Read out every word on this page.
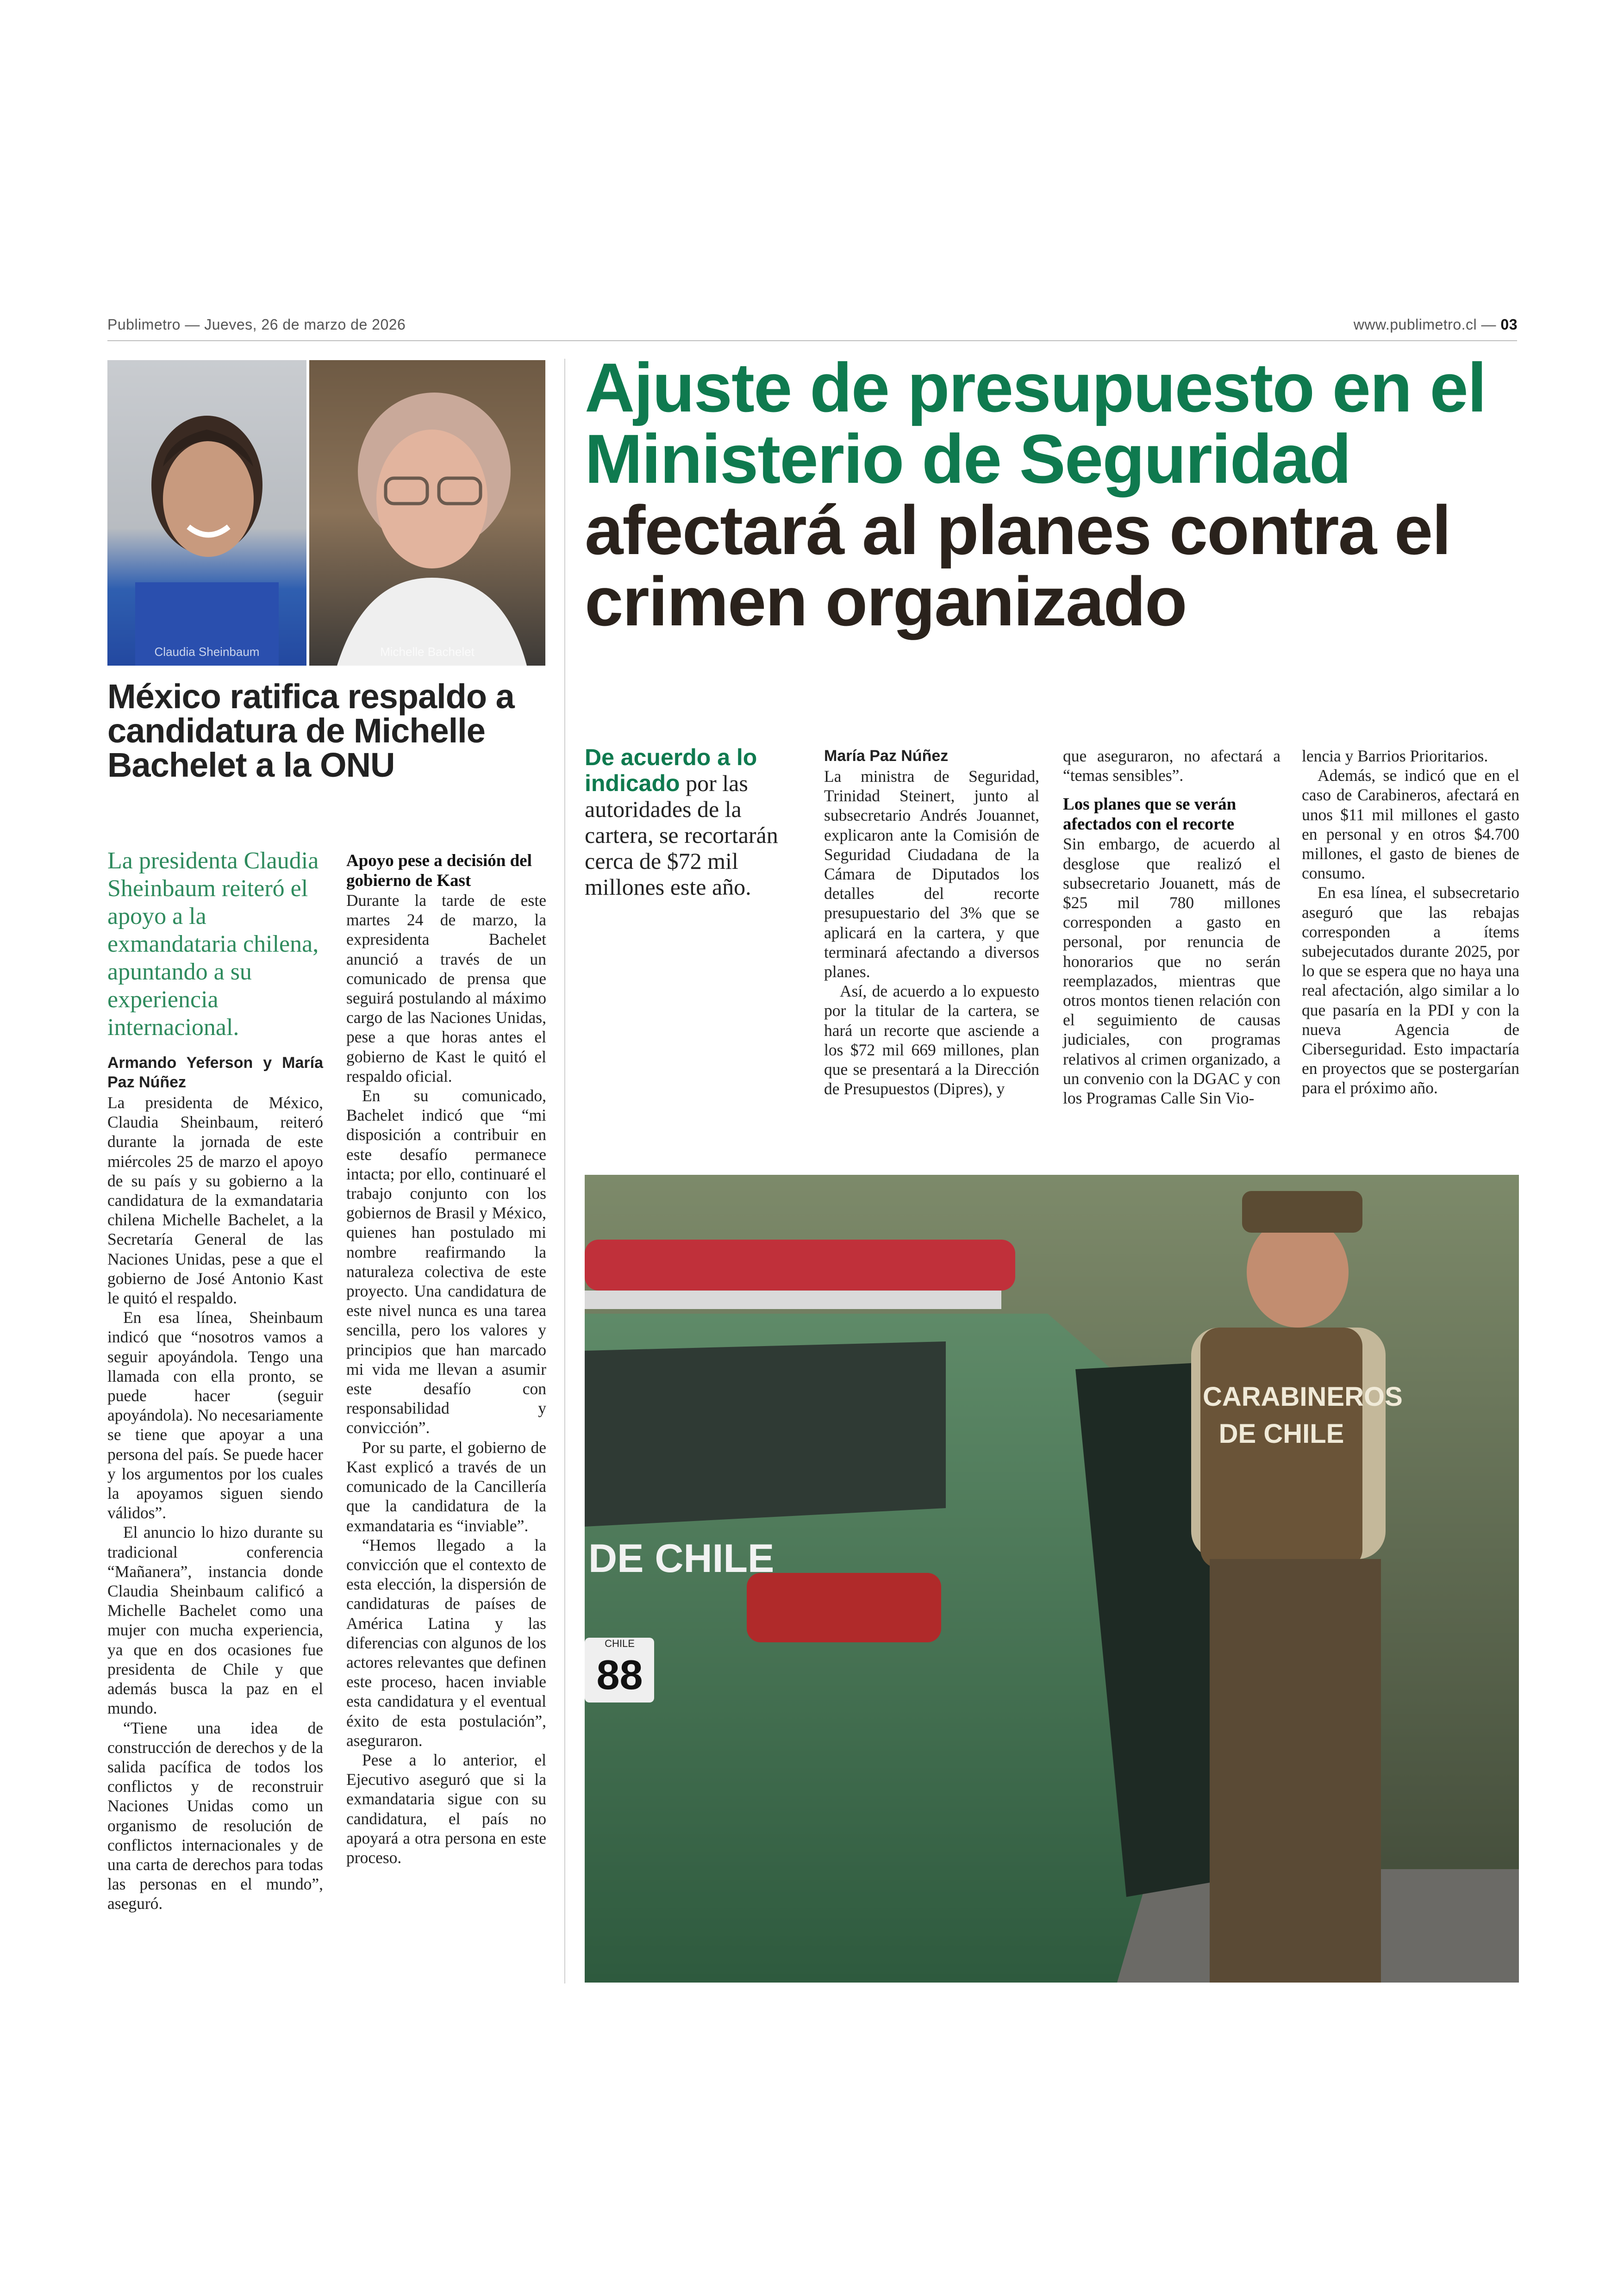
Publimetro — Jueves, 26 de marzo de 2026	www.publimetro.cl — 03
Claudia Sheinbaum	Michelle Bachelet
México ratifica respaldo a candidatura de Michelle Bachelet a la ONU
La presidenta Claudia Sheinbaum reiteró el apoyo a la exmandataria chilena, apuntando a su experiencia internacional.
Armando Yeferson y María Paz Núñez

La presidenta de México, Claudia Sheinbaum, reiteró durante la jornada de este miércoles 25 de marzo el apoyo de su país y su gobierno a la candidatura de la exmandataria chilena Michelle Bachelet, a la Secretaría General de las Naciones Unidas, pese a que el gobierno de José Antonio Kast le quitó el respaldo.

En esa línea, Sheinbaum indicó que “nosotros vamos a seguir apoyándola. Tengo una llamada con ella pronto, se puede hacer (seguir apoyándola). No necesariamente se tiene que apoyar a una persona del país. Se puede hacer y los argumentos por los cuales la apoyamos siguen siendo válidos”.

El anuncio lo hizo durante su tradicional conferencia “Mañanera”, instancia donde Claudia Sheinbaum calificó a Michelle Bachelet como una mujer con mucha experiencia, ya que en dos ocasiones fue presidenta de Chile y que además busca la paz en el mundo.

“Tiene una idea de construcción de derechos y de la salida pacífica de todos los conflictos y de reconstruir Naciones Unidas como un organismo de resolución de conflictos internacionales y de una carta de derechos para todas las personas en el mundo”, aseguró.

Apoyo pese a decisión del gobierno de Kast

Durante la tarde de este martes 24 de marzo, la expresidenta Bachelet anunció a través de un comunicado de prensa que seguirá postulando al máximo cargo de las Naciones Unidas, pese a que horas antes el gobierno de Kast le quitó el respaldo oficial.

En su comunicado, Bachelet indicó que “mi disposición a contribuir en este desafío permanece intacta; por ello, continuaré el trabajo conjunto con los gobiernos de Brasil y México, quienes han postulado mi nombre reafirmando la naturaleza colectiva de este proyecto. Una candidatura de este nivel nunca es una tarea sencilla, pero los valores y principios que han marcado mi vida me llevan a asumir este desafío con responsabilidad y convicción”.

Por su parte, el gobierno de Kast explicó a través de un comunicado de la Cancillería que la candidatura de la exmandataria es “inviable”.

“Hemos llegado a la convicción que el contexto de esta elección, la dispersión de candidaturas de países de América Latina y las diferencias con algunos de los actores relevantes que definen este proceso, hacen inviable esta candidatura y el eventual éxito de esta postulación”, aseguraron.

Pese a lo anterior, el Ejecutivo aseguró que si la exmandataria sigue con su candidatura, el país no apoyará a otra persona en este proceso.

Ajuste de presupuesto en el Ministerio de Seguridad afectará al planes contra el crimen organizado
De acuerdo a lo indicado por las autoridades de la cartera, se recortarán cerca de $72 mil millones este año.
María Paz Núñez

La ministra de Seguridad, Trinidad Steinert, junto al subsecretario Andrés Jouannet, explicaron ante la Comisión de Seguridad Ciudadana de la Cámara de Diputados los detalles del recorte presupuestario del 3% que se aplicará en la cartera, y que terminará afectando a diversos planes.

Así, de acuerdo a lo expuesto por la titular de la cartera, se hará un recorte que asciende a los $72 mil 669 millones, plan que se presentará a la Dirección de Presupuestos (Dipres), y

que aseguraron, no afectará a “temas sensibles”.

Los planes que se verán afectados con el recorte

Sin embargo, de acuerdo al desglose que realizó el subsecretario Jouanett, más de $25 mil 780 millones corresponden a gasto en personal, por renuncia de honorarios que no serán reemplazados, mientras que otros montos tienen relación con el seguimiento de causas judiciales, con programas relativos al crimen organizado, a un convenio con la DGAC y con los Programas Calle Sin Vio-

lencia y Barrios Prioritarios.

Además, se indicó que en el caso de Carabineros, afectará en unos $11 mil millones el gasto en personal y en otros $4.700 millones, el gasto de bienes de consumo.

En esa línea, el subsecretario aseguró que las rebajas corresponden a ítems subejecutados durante 2025, por lo que se espera que no haya una real afectación, algo similar a lo que pasaría en la PDI y con la nueva Agencia de Ciberseguridad. Esto impactaría en proyectos que se postergarían para el próximo año.

DE CHILE
CHILE
88
CARABINEROS
DE CHILE
